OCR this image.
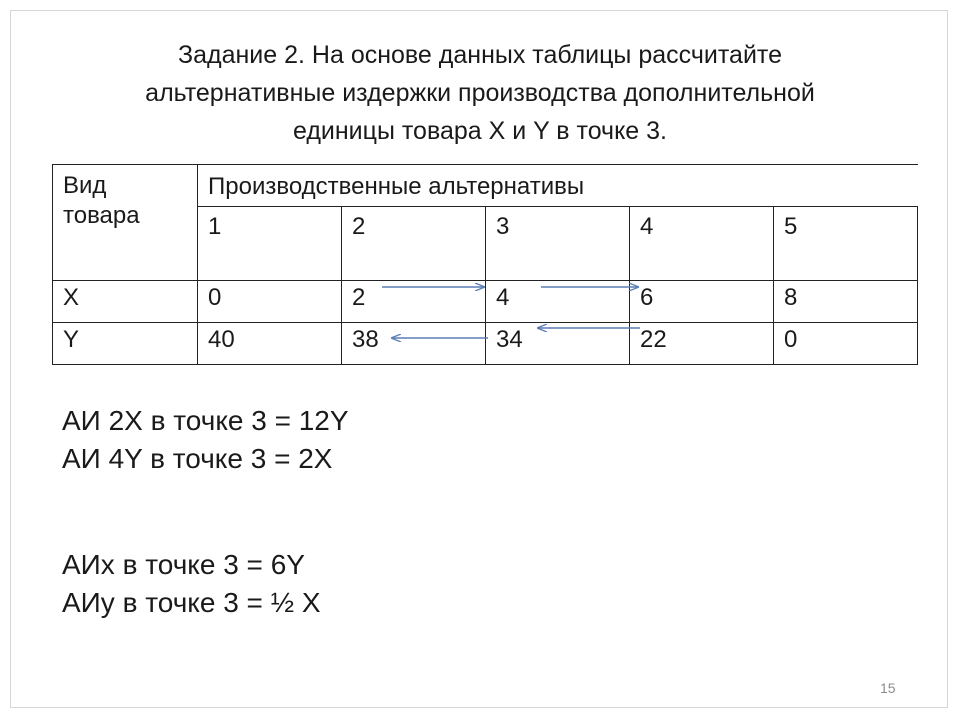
Задание 2. На основе данных таблицы рассчитайте
альтернативные издержки производства дополнительной
единицы товара X и Y в точке 3.
Вид
товара	Производственные альтернативы				
	1	2	3	4	5
X	0	2	4	6	8
Y	40	38	34	22	0
АИ 2X в точке 3 = 12Y
АИ 4Y в точке 3 = 2X
АИх в точке 3 = 6Y
АИу в точке 3 = ½ X
15
